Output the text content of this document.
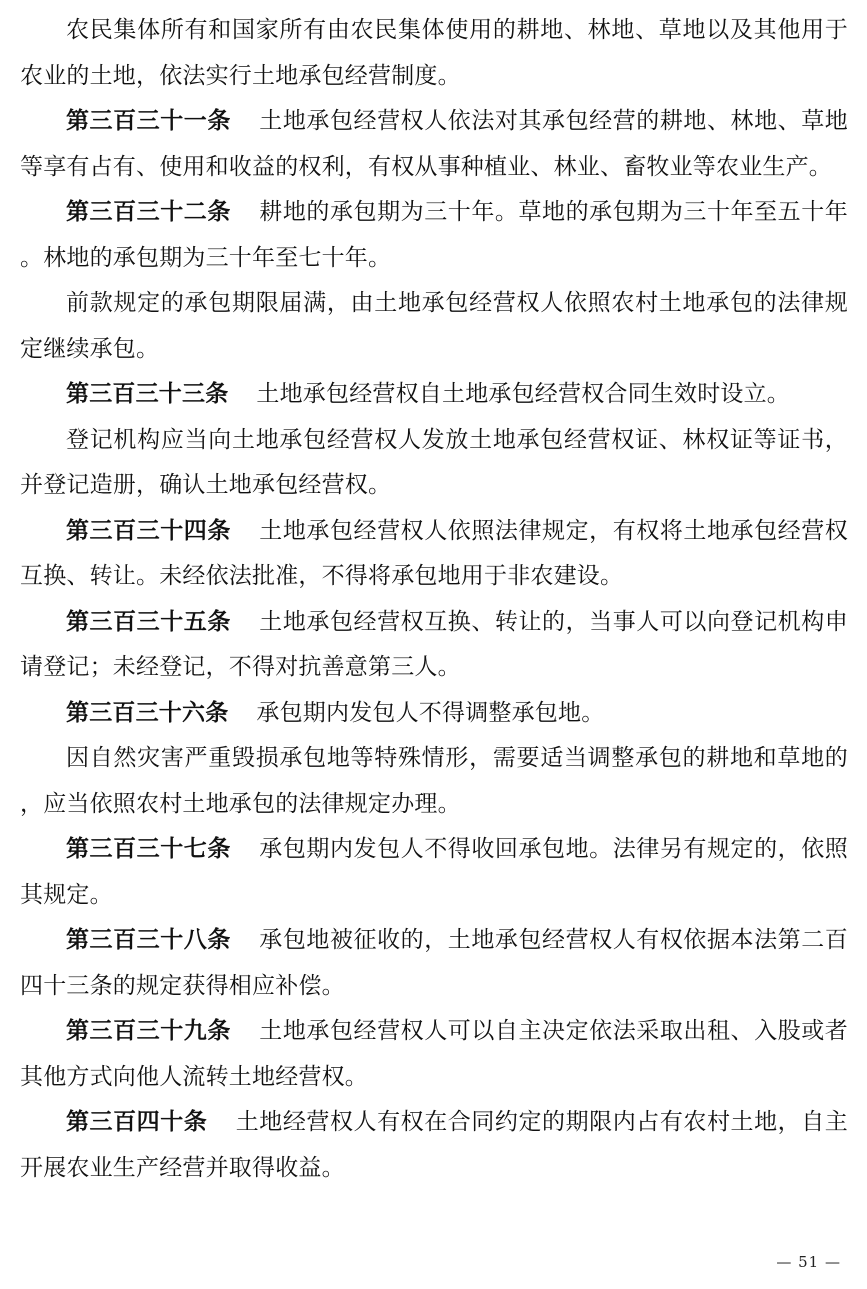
农民集体所有和国家所有由农民集体使用的耕地、林地、草地以及其他用于农业的土地，依法实行土地承包经营制度。

第三百三十一条 土地承包经营权人依法对其承包经营的耕地、林地、草地等享有占有、使用和收益的权利，有权从事种植业、林业、畜牧业等农业生产。

第三百三十二条 耕地的承包期为三十年。草地的承包期为三十年至五十年。林地的承包期为三十年至七十年。

前款规定的承包期限届满，由土地承包经营权人依照农村土地承包的法律规定继续承包。

第三百三十三条 土地承包经营权自土地承包经营权合同生效时设立。

登记机构应当向土地承包经营权人发放土地承包经营权证、林权证等证书，并登记造册，确认土地承包经营权。

第三百三十四条 土地承包经营权人依照法律规定，有权将土地承包经营权互换、转让。未经依法批准，不得将承包地用于非农建设。

第三百三十五条 土地承包经营权互换、转让的，当事人可以向登记机构申请登记；未经登记，不得对抗善意第三人。

第三百三十六条 承包期内发包人不得调整承包地。

因自然灾害严重毁损承包地等特殊情形，需要适当调整承包的耕地和草地的，应当依照农村土地承包的法律规定办理。

第三百三十七条 承包期内发包人不得收回承包地。法律另有规定的，依照其规定。

第三百三十八条 承包地被征收的，土地承包经营权人有权依据本法第二百四十三条的规定获得相应补偿。

第三百三十九条 土地承包经营权人可以自主决定依法采取出租、入股或者其他方式向他人流转土地经营权。

第三百四十条 土地经营权人有权在合同约定的期限内占有农村土地，自主开展农业生产经营并取得收益。

— 51 —
